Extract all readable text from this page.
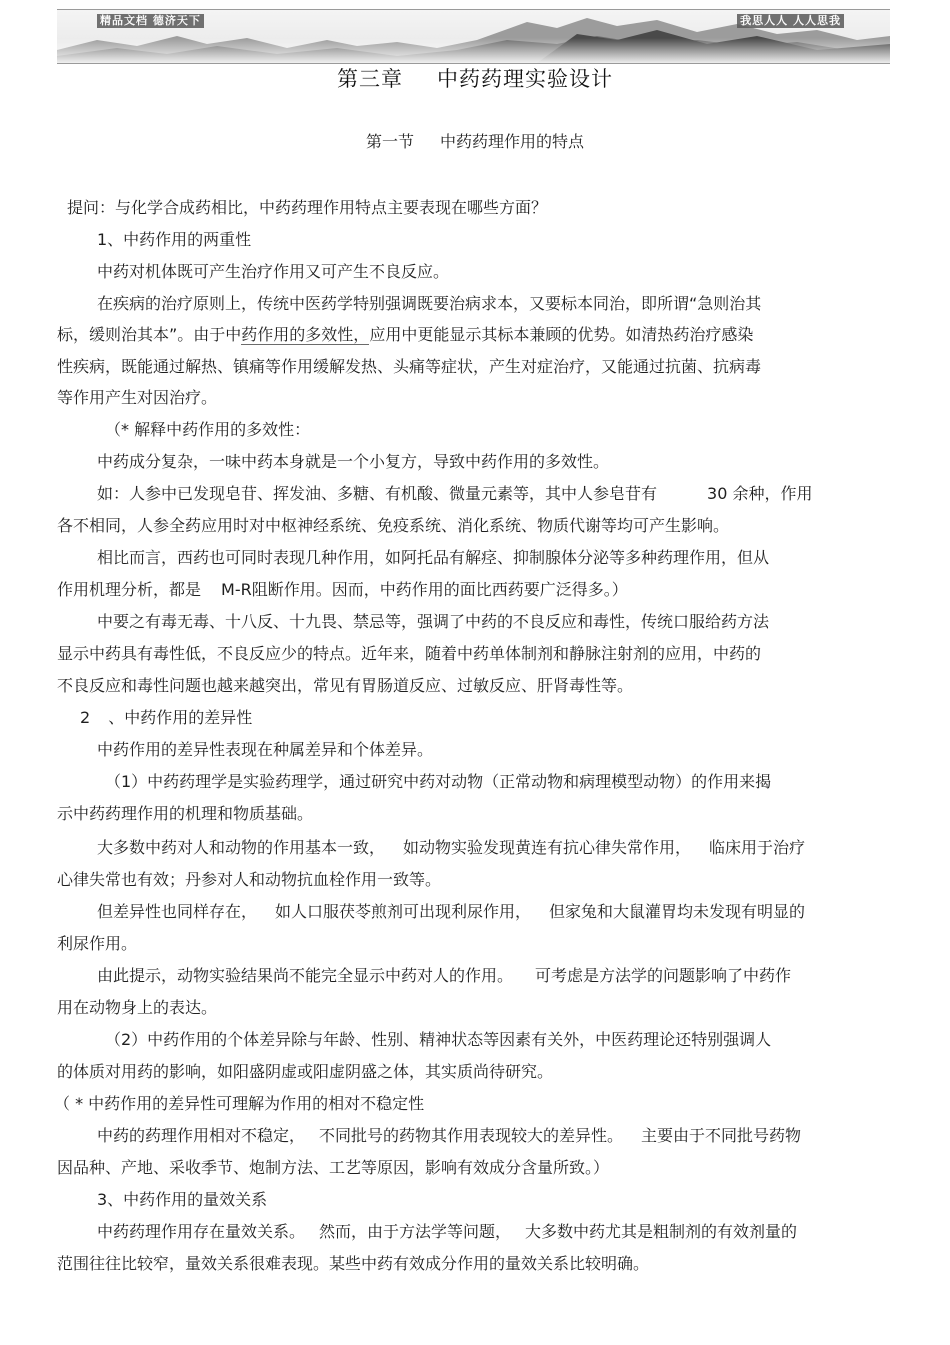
精品文档 德济天下	我思人人 人人思我
第三章 中药药理实验设计
第一节 中药药理作用的特点
提问：与化学合成药相比，中药药理作用特点主要表现在哪些方面？
1、中药作用的两重性
中药对机体既可产生治疗作用又可产生不良反应。
在疾病的治疗原则上，传统中医药学特别强调既要治病求本，又要标本同治，即所谓“急则治其
标，缓则治其本”。由于中药作用的多效性，应用中更能显示其标本兼顾的优势。如清热药治疗感染
性疾病，既能通过解热、镇痛等作用缓解发热、头痛等症状，产生对症治疗，又能通过抗菌、抗病毒
等作用产生对因治疗。
（* 解释中药作用的多效性：
中药成分复杂，一味中药本身就是一个小复方，导致中药作用的多效性。
如：人参中已发现皂苷、挥发油、多糖、有机酸、微量元素等，其中人参皂苷有	30 余种，作用
各不相同，人参全药应用时对中枢神经系统、免疫系统、消化系统、物质代谢等均可产生影响。
相比而言，西药也可同时表现几种作用，如阿托品有解痉、抑制腺体分泌等多种药理作用，但从
作用机理分析，都是 M-R阻断作用。因而，中药作用的面比西药要广泛得多。）
中要之有毒无毒、十八反、十九畏、禁忌等，强调了中药的不良反应和毒性，传统口服给药方法
显示中药具有毒性低，不良反应少的特点。近年来，随着中药单体制剂和静脉注射剂的应用，中药的
不良反应和毒性问题也越来越突出，常见有胃肠道反应、过敏反应、肝肾毒性等。
2 、中药作用的差异性
中药作用的差异性表现在种属差异和个体差异。
（1）中药药理学是实验药理学，通过研究中药对动物（正常动物和病理模型动物）的作用来揭
示中药药理作用的机理和物质基础。
大多数中药对人和动物的作用基本一致， 如动物实验发现黄连有抗心律失常作用， 临床用于治疗
心律失常也有效；丹参对人和动物抗血栓作用一致等。
但差异性也同样存在， 如人口服茯苓煎剂可出现利尿作用， 但家兔和大鼠灌胃均未发现有明显的
利尿作用。
由此提示，动物实验结果尚不能完全显示中药对人的作用。 可考虑是方法学的问题影响了中药作
用在动物身上的表达。
（2）中药作用的个体差异除与年龄、性别、精神状态等因素有关外，中医药理论还特别强调人
的体质对用药的影响，如阳盛阴虚或阳虚阴盛之体，其实质尚待研究。
（ * 中药作用的差异性可理解为作用的相对不稳定性
中药的药理作用相对不稳定， 不同批号的药物其作用表现较大的差异性。 主要由于不同批号药物
因品种、产地、采收季节、炮制方法、工艺等原因，影响有效成分含量所致。）
3、中药作用的量效关系
中药药理作用存在量效关系。 然而，由于方法学等问题， 大多数中药尤其是粗制剂的有效剂量的
范围往往比较窄，量效关系很难表现。某些中药有效成分作用的量效关系比较明确。
